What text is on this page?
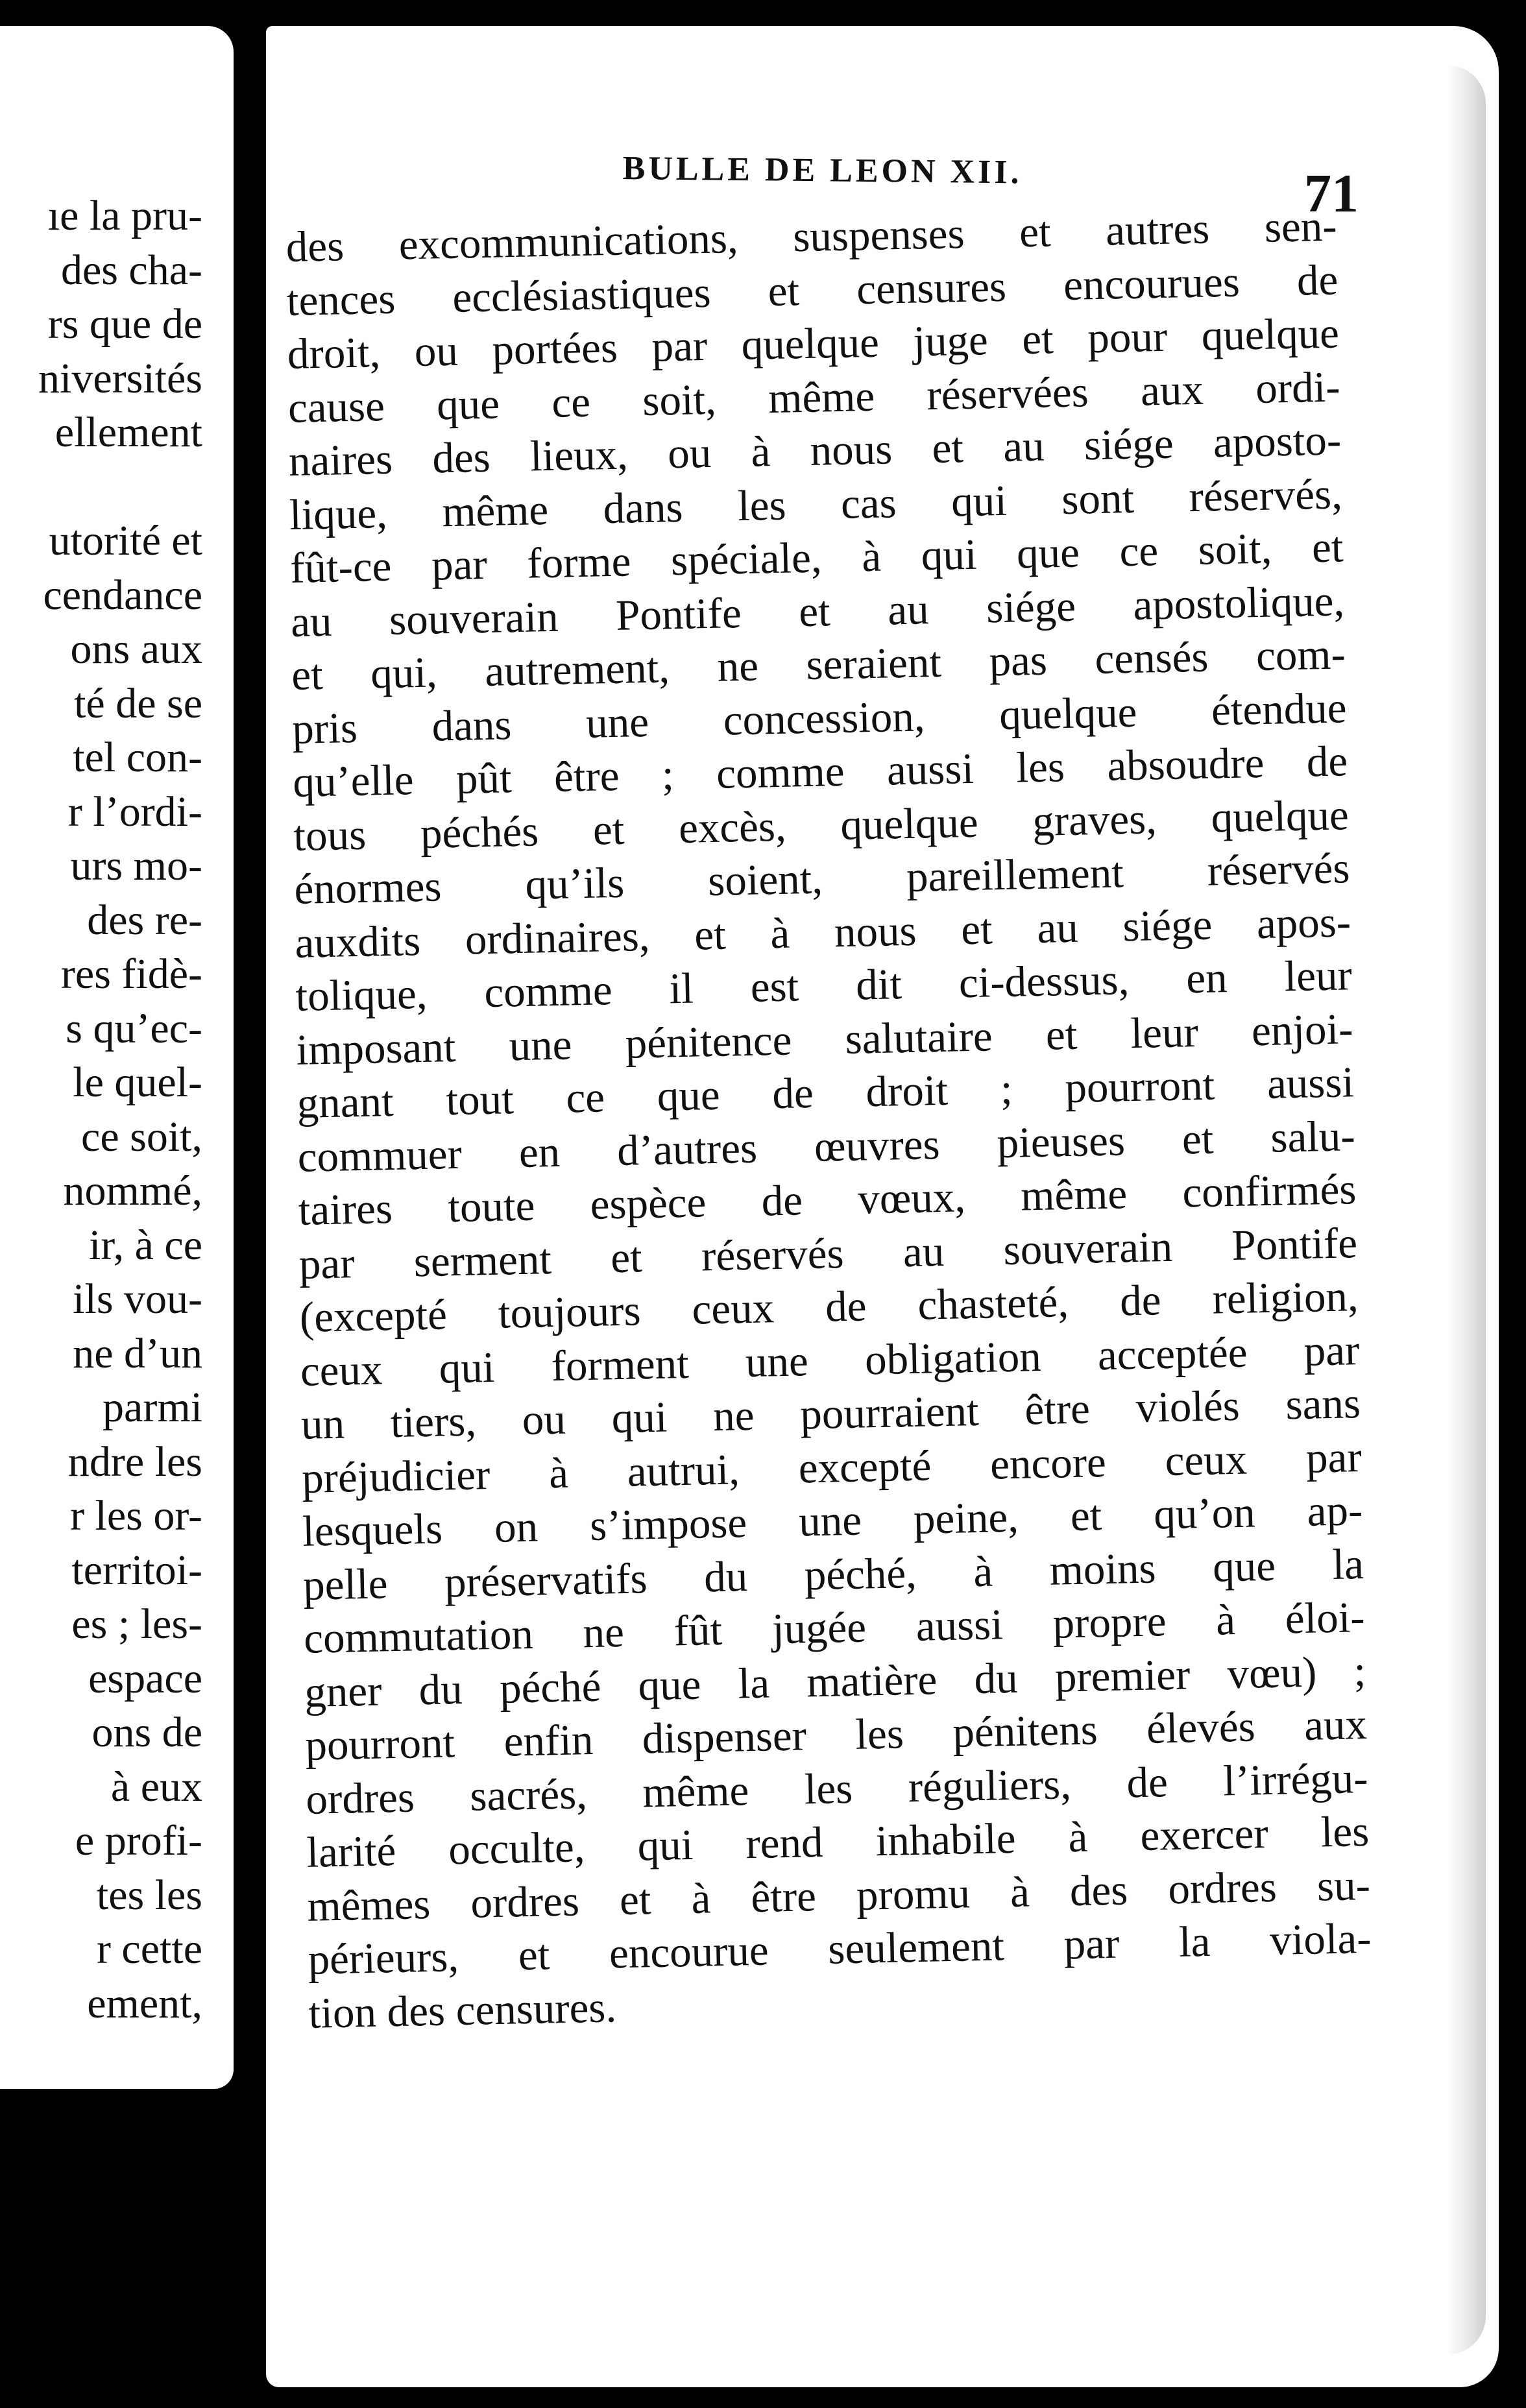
ıe la pru-
des cha-
rs que de
niversités
ellement
utorité et
cendance
ons aux
té de se
tel con-
r l’ordi-
urs mo-
des re-
res fidè-
s qu’ec-
le quel-
ce soit,
nommé,
ir, à ce
ils vou-
ne d’un
parmi
ndre les
r les or-
territoi-
es ; les-
espace
ons de
à eux
e profi-
tes les
r cette
ement,
BULLE DE LEON XII.	71
des excommunications, suspenses et autres sen-
tences ecclésiastiques et censures encourues de
droit, ou portées par quelque juge et pour quelque
cause que ce soit, même réservées aux ordi-
naires des lieux, ou à nous et au siége aposto-
lique, même dans les cas qui sont réservés,
fût-ce par forme spéciale, à qui que ce soit, et
au souverain Pontife et au siége apostolique,
et qui, autrement, ne seraient pas censés com-
pris dans une concession, quelque étendue
qu’elle pût être ; comme aussi les absoudre de
tous péchés et excès, quelque graves, quelque
énormes qu’ils soient, pareillement réservés
auxdits ordinaires, et à nous et au siége apos-
tolique, comme il est dit ci-dessus, en leur
imposant une pénitence salutaire et leur enjoi-
gnant tout ce que de droit ; pourront aussi
commuer en d’autres œuvres pieuses et salu-
taires toute espèce de vœux, même confirmés
par serment et réservés au souverain Pontife
(excepté toujours ceux de chasteté, de religion,
ceux qui forment une obligation acceptée par
un tiers, ou qui ne pourraient être violés sans
préjudicier à autrui, excepté encore ceux par
lesquels on s’impose une peine, et qu’on ap-
pelle préservatifs du péché, à moins que la
commutation ne fût jugée aussi propre à éloi-
gner du péché que la matière du premier vœu) ;
pourront enfin dispenser les pénitens élevés aux
ordres sacrés, même les réguliers, de l’irrégu-
larité occulte, qui rend inhabile à exercer les
mêmes ordres et à être promu à des ordres su-
périeurs, et encourue seulement par la viola-
tion des censures.
